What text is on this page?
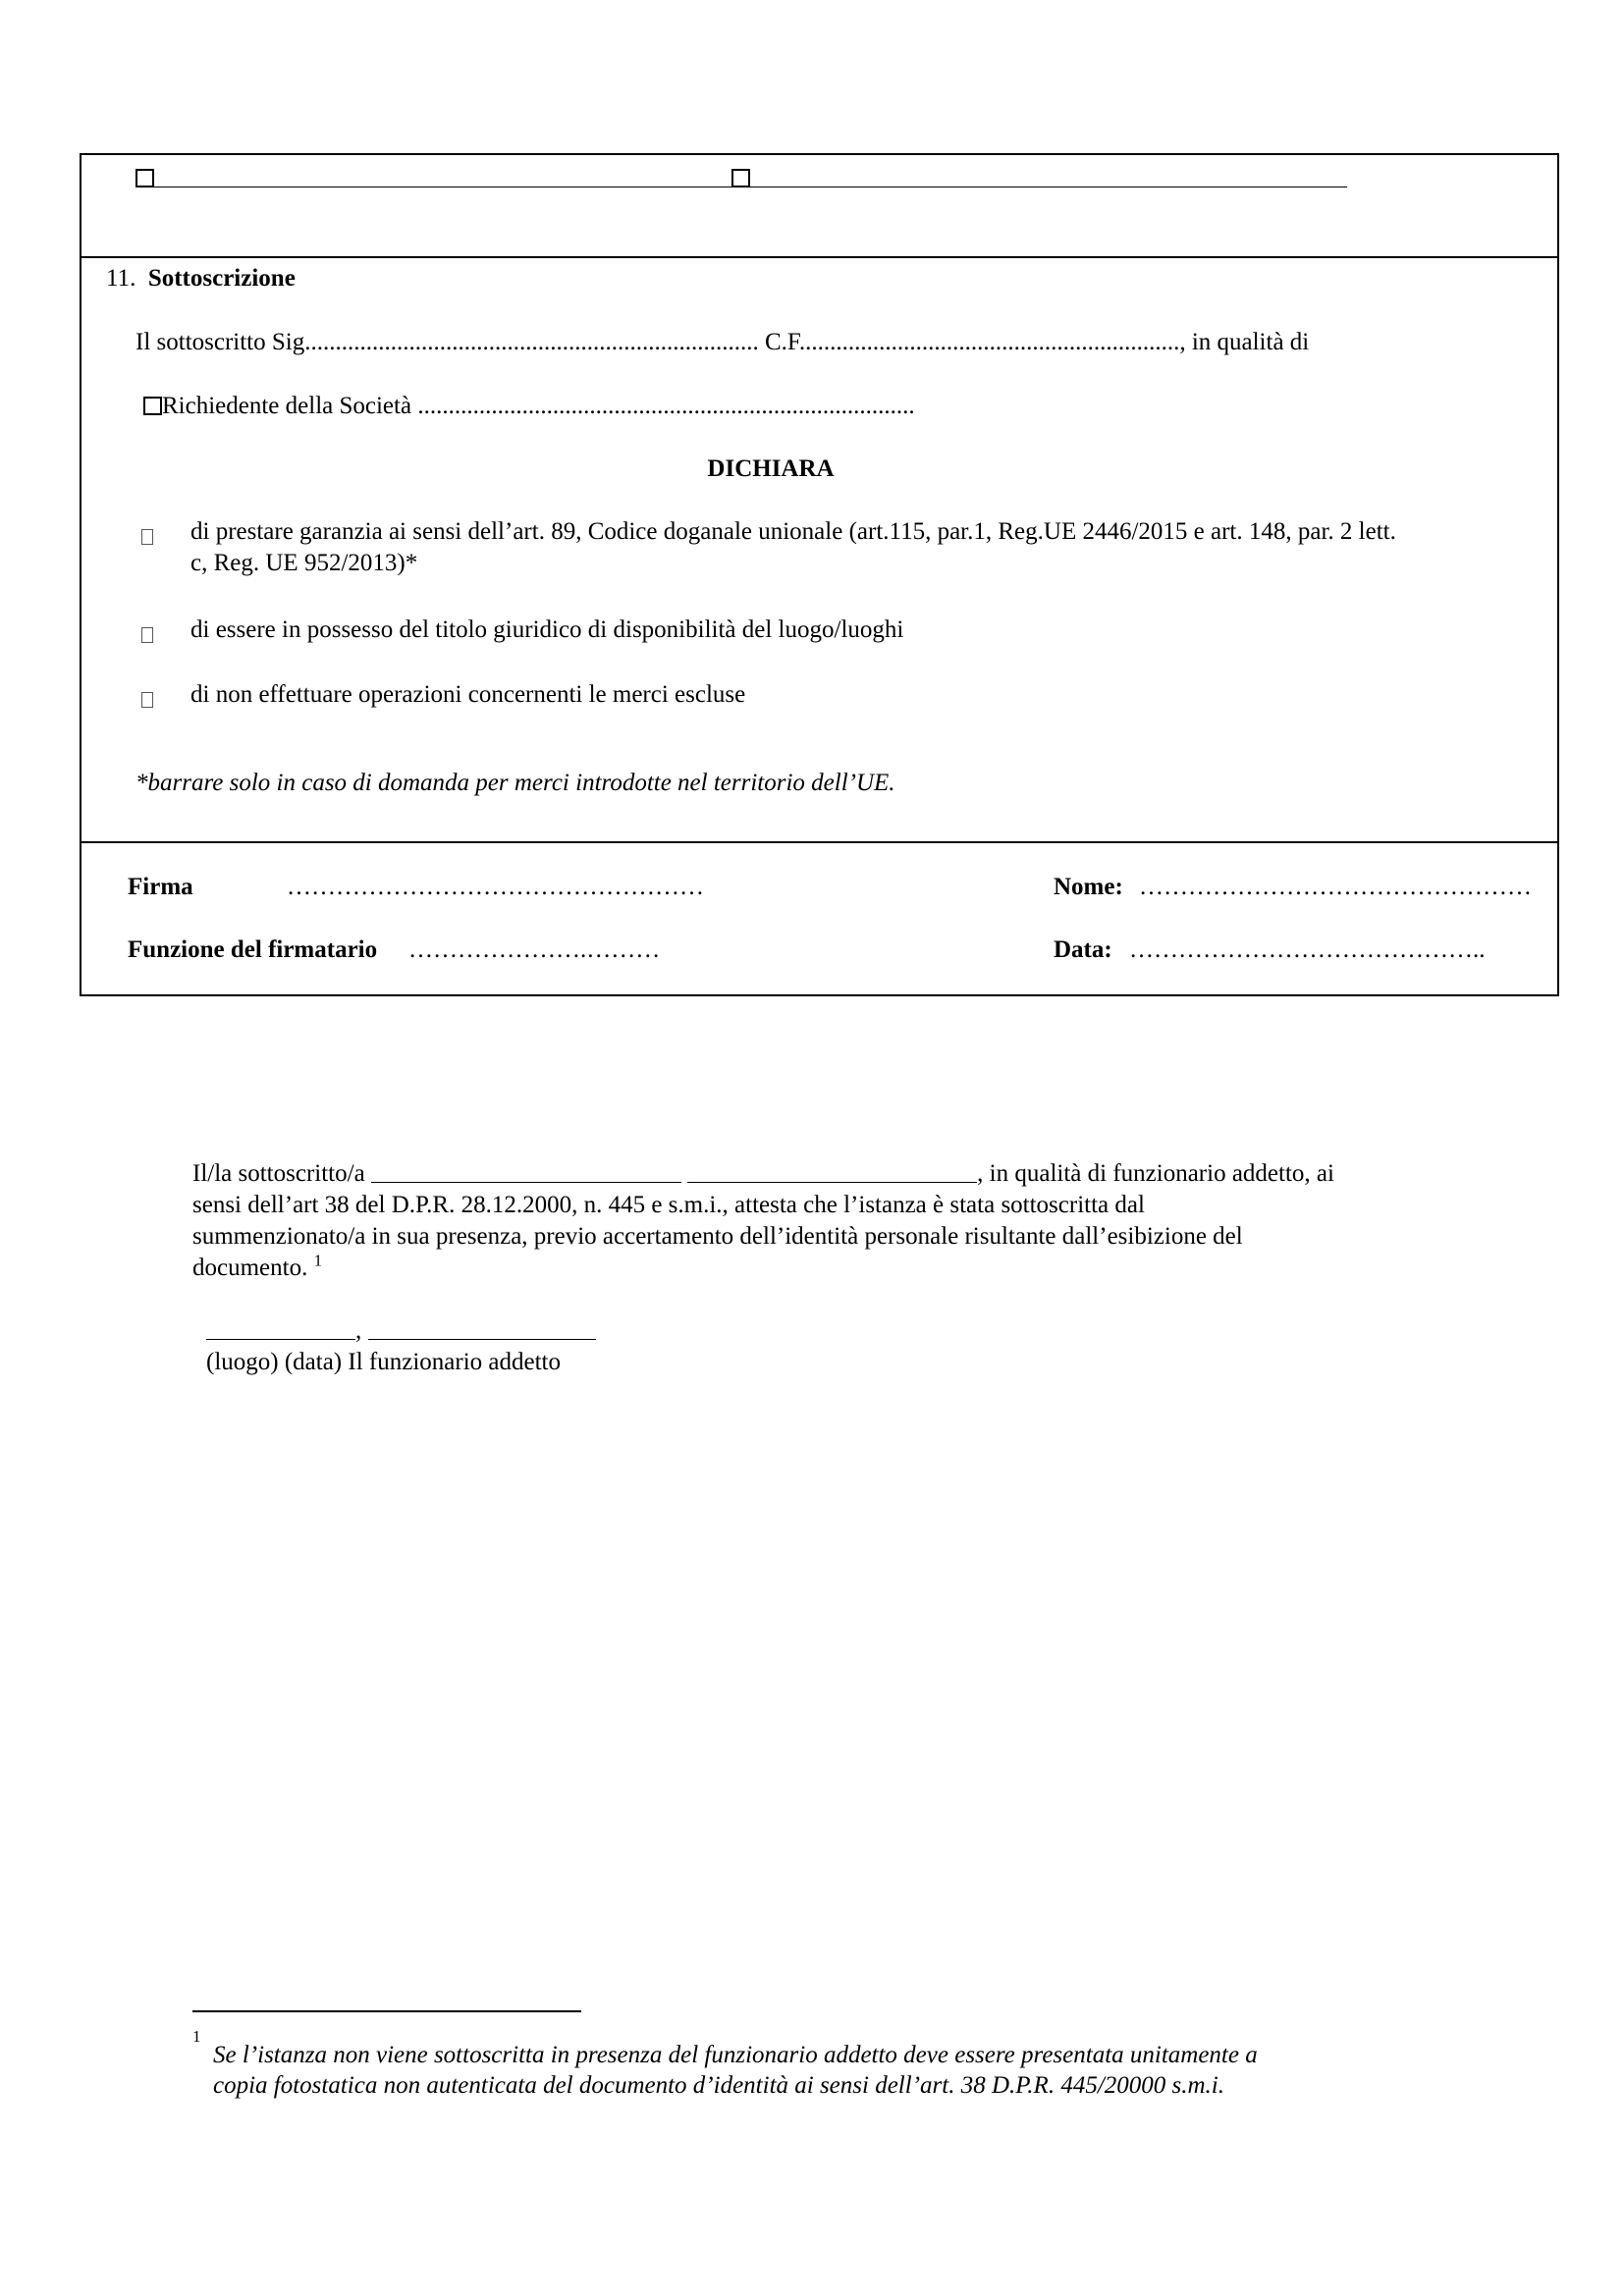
11. Sottoscrizione
Il sottoscritto Sig.......................................................................... C.F.............................................................., in qualità di
Richiedente della Società .................................................................................
DICHIARA
di prestare garanzia ai sensi dell’art. 89, Codice doganale unionale (art.115, par.1, Reg.UE 2446/2015 e art. 148, par. 2 lett.
c, Reg. UE 952/2013)*
di essere in possesso del titolo giuridico di disponibilità del luogo/luoghi
di non effettuare operazioni concernenti le merci escluse
*barrare solo in caso di domanda per merci introdotte nel territorio dell’UE.
Firma	……………………………………………	Nome: …………………………………………
Funzione del firmatario ………………….………	Data: ……………………………………..
Il/la sottoscritto/a	, in qualità di funzionario addetto, ai
sensi dell’art 38 del D.P.R. 28.12.2000, n. 445 e s.m.i., attesta che l’istanza è stata sottoscritta dal
summenzionato/a in sua presenza, previo accertamento dell’identità personale risultante dall’esibizione del
documento. $^1$
,
(luogo) (data) Il funzionario addetto
1
Se l’istanza non viene sottoscritta in presenza del funzionario addetto deve essere presentata unitamente a
copia fotostatica non autenticata del documento d’identità ai sensi dell’art. 38 D.P.R. 445/20000 s.m.i.
